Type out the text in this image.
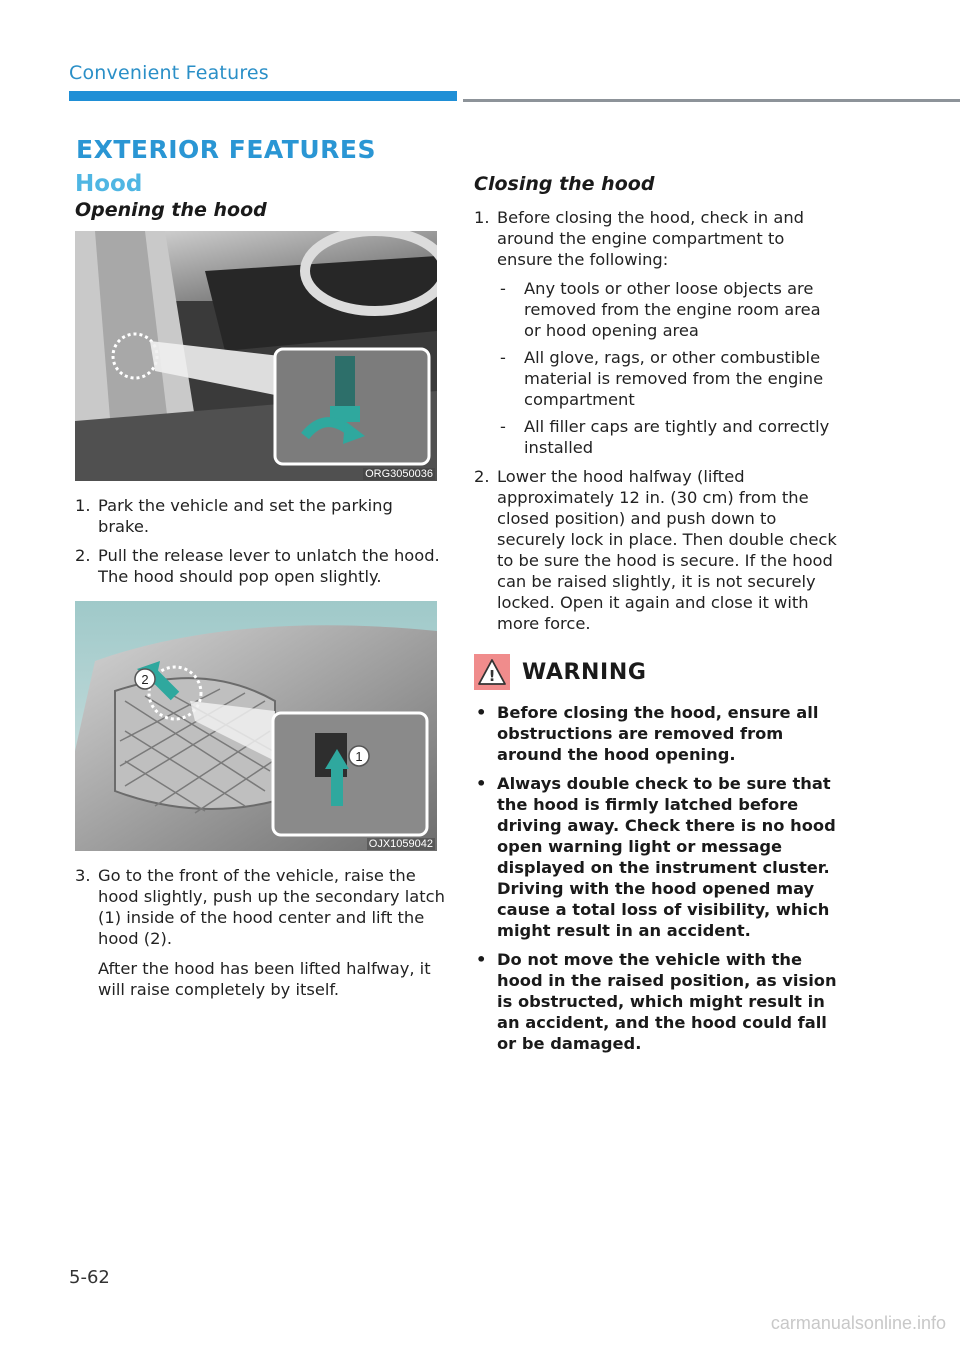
Convenient Features
EXTERIOR FEATURES
Hood
Opening the hood
ORG3050036
1. Park the vehicle and set the parking brake.
2. Pull the release lever to unlatch the hood. The hood should pop open slightly.
2
1
OJX1059042
3. Go to the front of the vehicle, raise the hood slightly, push up the secondary latch (1) inside of the hood center and lift the hood (2).

After the hood has been lifted halfway, it will raise completely by itself.

Closing the hood
1. Before closing the hood, check in and around the engine compartment to ensure the following:
- Any tools or other loose objects are removed from the engine room area or hood opening area
- All glove, rags, or other combustible material is removed from the engine compartment
- All filler caps are tightly and correctly installed
2. Lower the hood halfway (lifted approximately 12 in. (30 cm) from the closed position) and push down to securely lock in place. Then double check to be sure the hood is secure. If the hood can be raised slightly, it is not securely locked. Open it again and close it with more force.
! WARNING
• Before closing the hood, ensure all obstructions are removed from around the hood opening.
• Always double check to be sure that the hood is firmly latched before driving away. Check there is no hood open warning light or message displayed on the instrument cluster. Driving with the hood opened may cause a total loss of visibility, which might result in an accident.
• Do not move the vehicle with the hood in the raised position, as vision is obstructed, which might result in an accident, and the hood could fall or be damaged.
5-62
carmanualsonline.info
